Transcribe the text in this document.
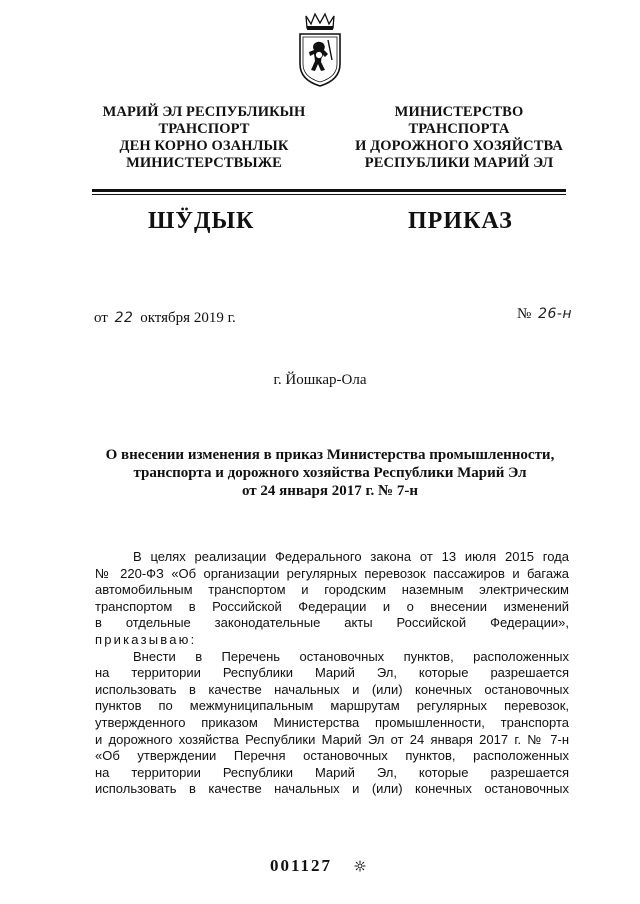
МАРИЙ ЭЛ РЕСПУБЛИКЫН
ТРАНСПОРТ
ДЕН КОРНО ОЗАНЛЫК
МИНИСТЕРСТВЫЖЕ
МИНИСТЕРСТВО
ТРАНСПОРТА
И ДОРОЖНОГО ХОЗЯЙСТВА
РЕСПУБЛИКИ МАРИЙ ЭЛ
ШӰДЫК	ПРИКАЗ
от 22 октября 2019 г.	№ 26-н
г. Йошкар-Ола
О внесении изменения в приказ Министерства промышленности,
транспорта и дорожного хозяйства Республики Марий Эл
от 24 января 2017 г. № 7-н
В целях реализации Федерального закона от 13 июля 2015 года
№ 220-ФЗ «Об организации регулярных перевозок пассажиров и багажа
автомобильным транспортом и городским наземным электрическим
транспортом в Российской Федерации и о внесении изменений
в отдельные законодательные акты Российской Федерации»,
приказываю:
Внести в Перечень остановочных пунктов, расположенных
на территории Республики Марий Эл, которые разрешается
использовать в качестве начальных и (или) конечных остановочных
пунктов по межмуниципальным маршрутам регулярных перевозок,
утвержденного приказом Министерства промышленности, транспорта
и дорожного хозяйства Республики Марий Эл от 24 января 2017 г. № 7-н
«Об утверждении Перечня остановочных пунктов, расположенных
на территории Республики Марий Эл, которые разрешается
использовать в качестве начальных и (или) конечных остановочных
001127
